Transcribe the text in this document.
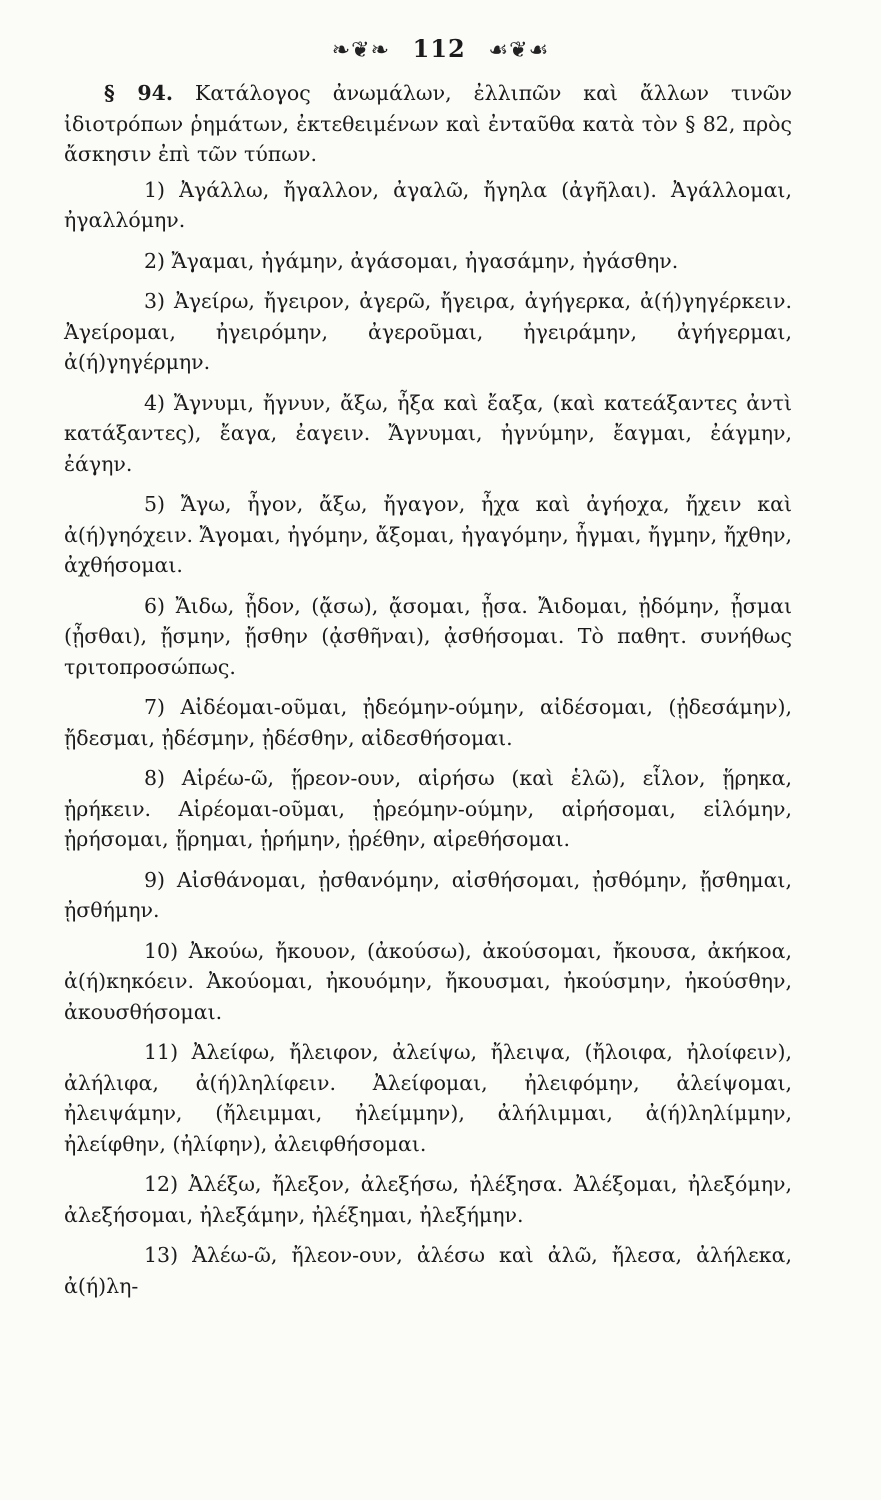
❧❦❧ 112 ☙❦☙

§ 94. Κατάλογος ἀνωμάλων, ἐλλιπῶν καὶ ἄλλων τινῶν ἰδιοτρόπων ῥημάτων, ἐκτεθειμένων καὶ ἐνταῦθα κατὰ τὸν § 82, πρὸς ἄσκησιν ἐπὶ τῶν τύπων.

1) Ἀγάλλω, ἤγαλλον, ἀγαλῶ, ἤγηλα (ἀγῆλαι). Ἀγάλλομαι, ἠγαλλόμην.

2) Ἄγαμαι, ἠγάμην, ἀγάσομαι, ἠγασάμην, ἠγάσθην.

3) Ἀγείρω, ἤγειρον, ἀγερῶ, ἤγειρα, ἀγήγερκα, ἀ(ή)γηγέρκειν. Ἀγείρομαι, ἠγειρόμην, ἀγεροῦμαι, ἠγειράμην, ἀγήγερμαι, ἀ(ή)γηγέρμην.

4) Ἄγνυμι, ἤγνυν, ἄξω, ἦξα καὶ ἔαξα, (καὶ κατεάξαντες ἀντὶ κατάξαντες), ἔαγα, ἐαγειν. Ἄγνυμαι, ἠγνύμην, ἔαγμαι, ἐάγμην, ἐάγην.

5) Ἄγω, ἦγον, ἄξω, ἤγαγον, ἦχα καὶ ἀγήοχα, ἤχειν καὶ ἀ(ή)γηόχειν. Ἄγομαι, ἠγόμην, ἄξομαι, ἠγαγόμην, ἦγμαι, ἤγμην, ἤχθην, ἀχθήσομαι.

6) Ἄιδω, ᾖδον, (ᾄσω), ᾄσομαι, ᾖσα. Ἄιδομαι, ᾐδόμην, ᾖσμαι (ᾖσθαι), ᾔσμην, ᾔσθην (ᾀσθῆναι), ᾀσθήσομαι. Τὸ παθητ. συνήθως τριτοπροσώπως.

7) Αἰδέομαι-οῦμαι, ᾐδεόμην-ούμην, αἰδέσομαι, (ᾐδεσάμην), ᾔδεσμαι, ᾐδέσμην, ᾐδέσθην, αἰδεσθήσομαι.

8) Αἱρέω-ῶ, ᾕρεον-ουν, αἱρήσω (καὶ ἑλῶ), εἷλον, ᾕρηκα, ᾑρήκειν. Αἱρέομαι-οῦμαι, ᾑρεόμην-ούμην, αἱρήσομαι, εἱλόμην, ᾑρήσομαι, ᾕρημαι, ᾑρήμην, ᾑρέθην, αἱρεθήσομαι.

9) Αἰσθάνομαι, ᾐσθανόμην, αἰσθήσομαι, ᾐσθόμην, ᾔσθημαι, ᾐσθήμην.

10) Ἀκούω, ἤκουον, (ἀκούσω), ἀκούσομαι, ἤκουσα, ἀκήκοα, ἀ(ή)κηκόειν. Ἀκούομαι, ἠκουόμην, ἤκουσμαι, ἠκούσμην, ἠκούσθην, ἀκουσθήσομαι.

11) Ἀλείφω, ἤλειφον, ἀλείψω, ἤλειψα, (ἤλοιφα, ἠλοίφειν), ἀλήλιφα, ἀ(ή)ληλίφειν. Ἀλείφομαι, ἠλειφόμην, ἀλείψομαι, ἠλειψάμην, (ἤλειμμαι, ἠλείμμην), ἀλήλιμμαι, ἀ(ή)ληλίμμην, ἠλείφθην, (ἠλίφην), ἀλειφθήσομαι.

12) Ἀλέξω, ἤλεξον, ἀλεξήσω, ἠλέξησα. Ἀλέξομαι, ἠλεξόμην, ἀλεξήσομαι, ἠλεξάμην, ἠλέξημαι, ἠλεξήμην.

13) Ἀλέω-ῶ, ἤλεον-ουν, ἀλέσω καὶ ἀλῶ, ἤλεσα, ἀλήλεκα, ἀ(ή)λη-
